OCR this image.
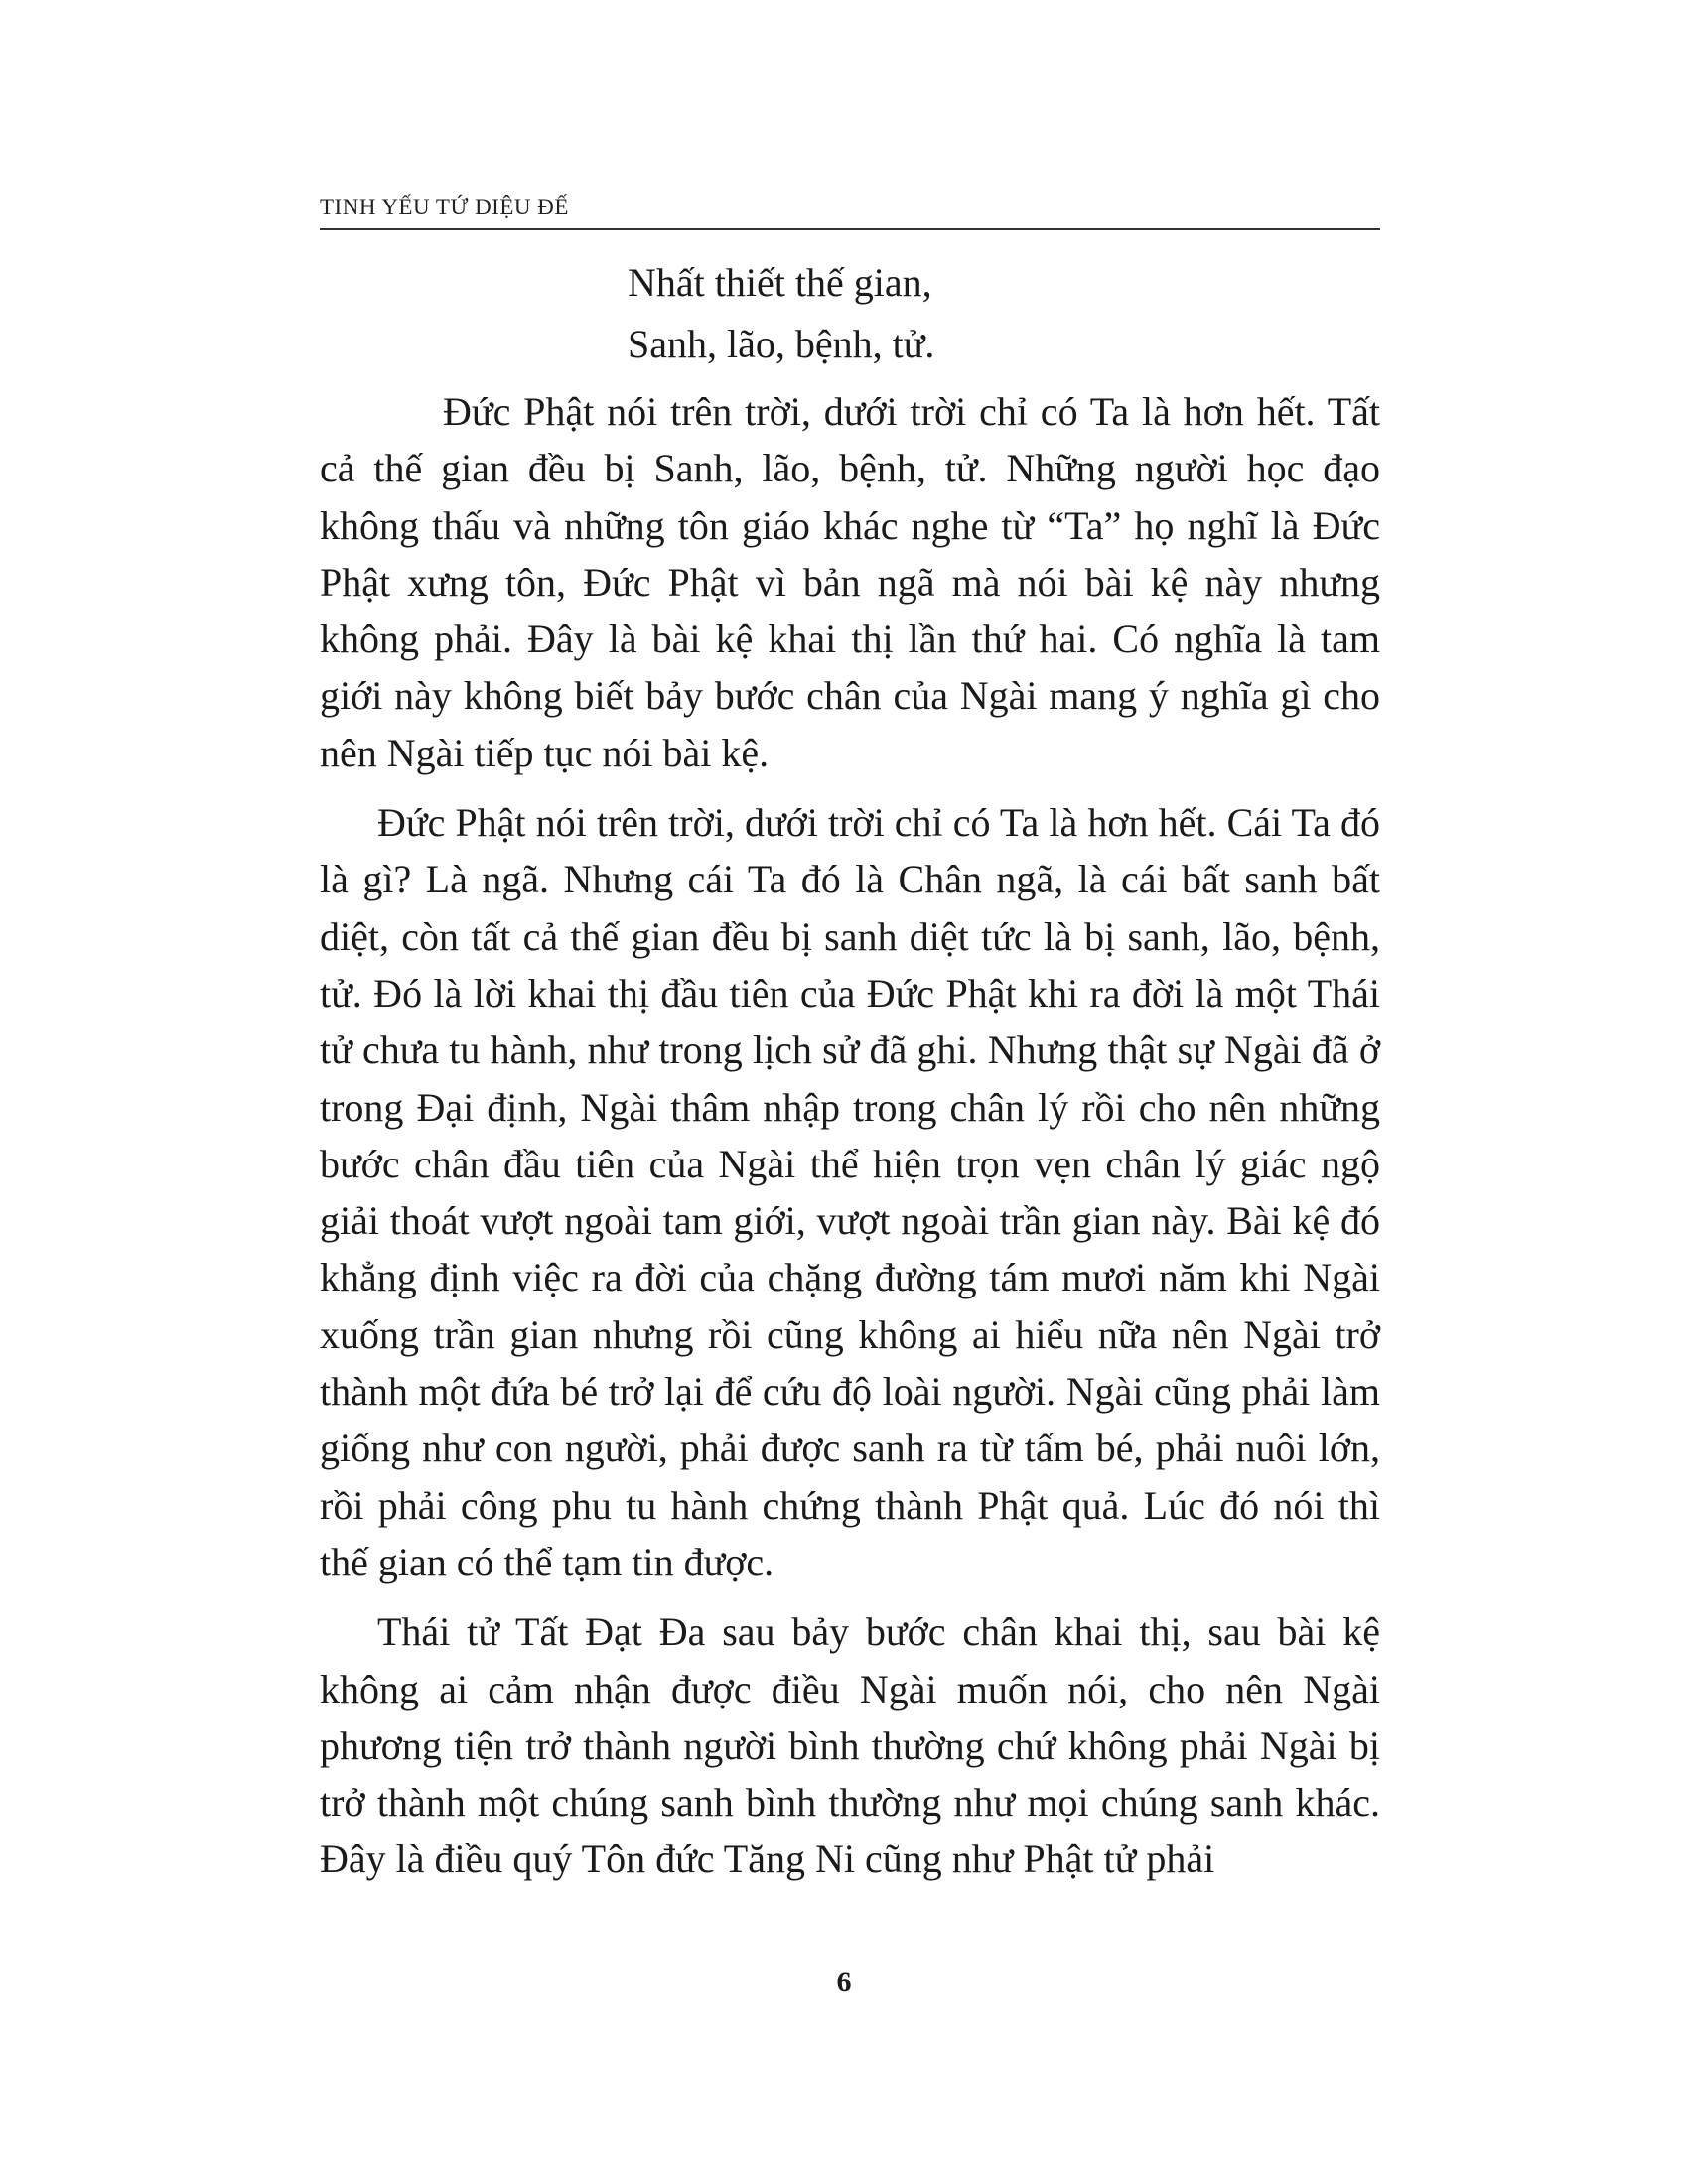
TINH YẾU TỨ DIỆU ĐẾ
Nhất thiết thế gian,
Sanh, lão, bệnh, tử.

Đức Phật nói trên trời, dưới trời chỉ có Ta là hơn hết. Tất cả thế gian đều bị Sanh, lão, bệnh, tử. Những người học đạo không thấu và những tôn giáo khác nghe từ “Ta” họ nghĩ là Đức Phật xưng tôn, Đức Phật vì bản ngã mà nói bài kệ này nhưng không phải. Đây là bài kệ khai thị lần thứ hai. Có nghĩa là tam giới này không biết bảy bước chân của Ngài mang ý nghĩa gì cho nên Ngài tiếp tục nói bài kệ.

Đức Phật nói trên trời, dưới trời chỉ có Ta là hơn hết. Cái Ta đó là gì? Là ngã. Nhưng cái Ta đó là Chân ngã, là cái bất sanh bất diệt, còn tất cả thế gian đều bị sanh diệt tức là bị sanh, lão, bệnh, tử. Đó là lời khai thị đầu tiên của Đức Phật khi ra đời là một Thái tử chưa tu hành, như trong lịch sử đã ghi. Nhưng thật sự Ngài đã ở trong Đại định, Ngài thâm nhập trong chân lý rồi cho nên những bước chân đầu tiên của Ngài thể hiện trọn vẹn chân lý giác ngộ giải thoát vượt ngoài tam giới, vượt ngoài trần gian này. Bài kệ đó khẳng định việc ra đời của chặng đường tám mươi năm khi Ngài xuống trần gian nhưng rồi cũng không ai hiểu nữa nên Ngài trở thành một đứa bé trở lại để cứu độ loài người. Ngài cũng phải làm giống như con người, phải được sanh ra từ tấm bé, phải nuôi lớn, rồi phải công phu tu hành chứng thành Phật quả. Lúc đó nói thì thế gian có thể tạm tin được.

Thái tử Tất Đạt Đa sau bảy bước chân khai thị, sau bài kệ không ai cảm nhận được điều Ngài muốn nói, cho nên Ngài phương tiện trở thành người bình thường chứ không phải Ngài bị trở thành một chúng sanh bình thường như mọi chúng sanh khác. Đây là điều quý Tôn đức Tăng Ni cũng như Phật tử phải

6
